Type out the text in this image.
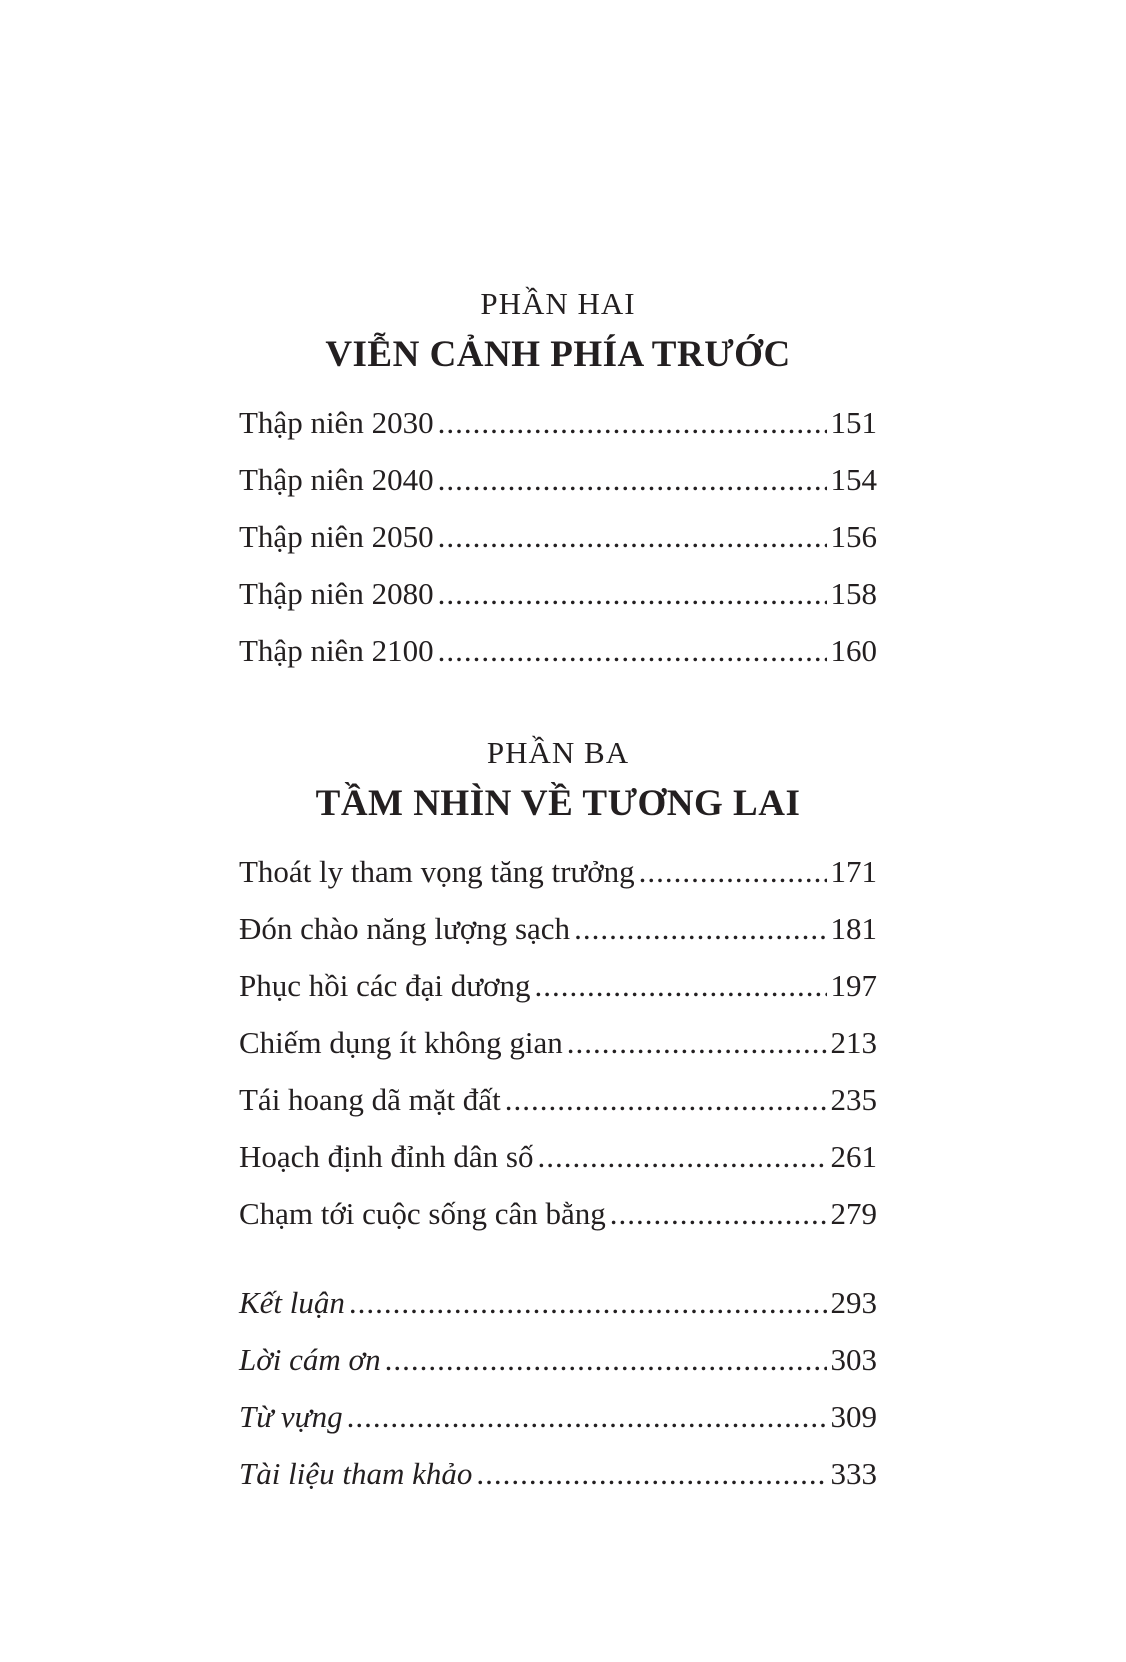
PHẦN HAI
VIỄN CẢNH PHÍA TRƯỚC
Thập niên 2030 .....	151
Thập niên 2040 .....	154
Thập niên 2050 .....	156
Thập niên 2080 .....	158
Thập niên 2100 .....	160
PHẦN BA
TẦM NHÌN VỀ TƯƠNG LAI
Thoát ly tham vọng tăng trưởng .....	171
Đón chào năng lượng sạch .....	181
Phục hồi các đại dương .....	197
Chiếm dụng ít không gian .....	213
Tái hoang dã mặt đất .....	235
Hoạch định đỉnh dân số .....	261
Chạm tới cuộc sống cân bằng .....	279
Kết luận .....	293
Lời cám ơn .....	303
Từ vựng .....	309
Tài liệu tham khảo .....	333
